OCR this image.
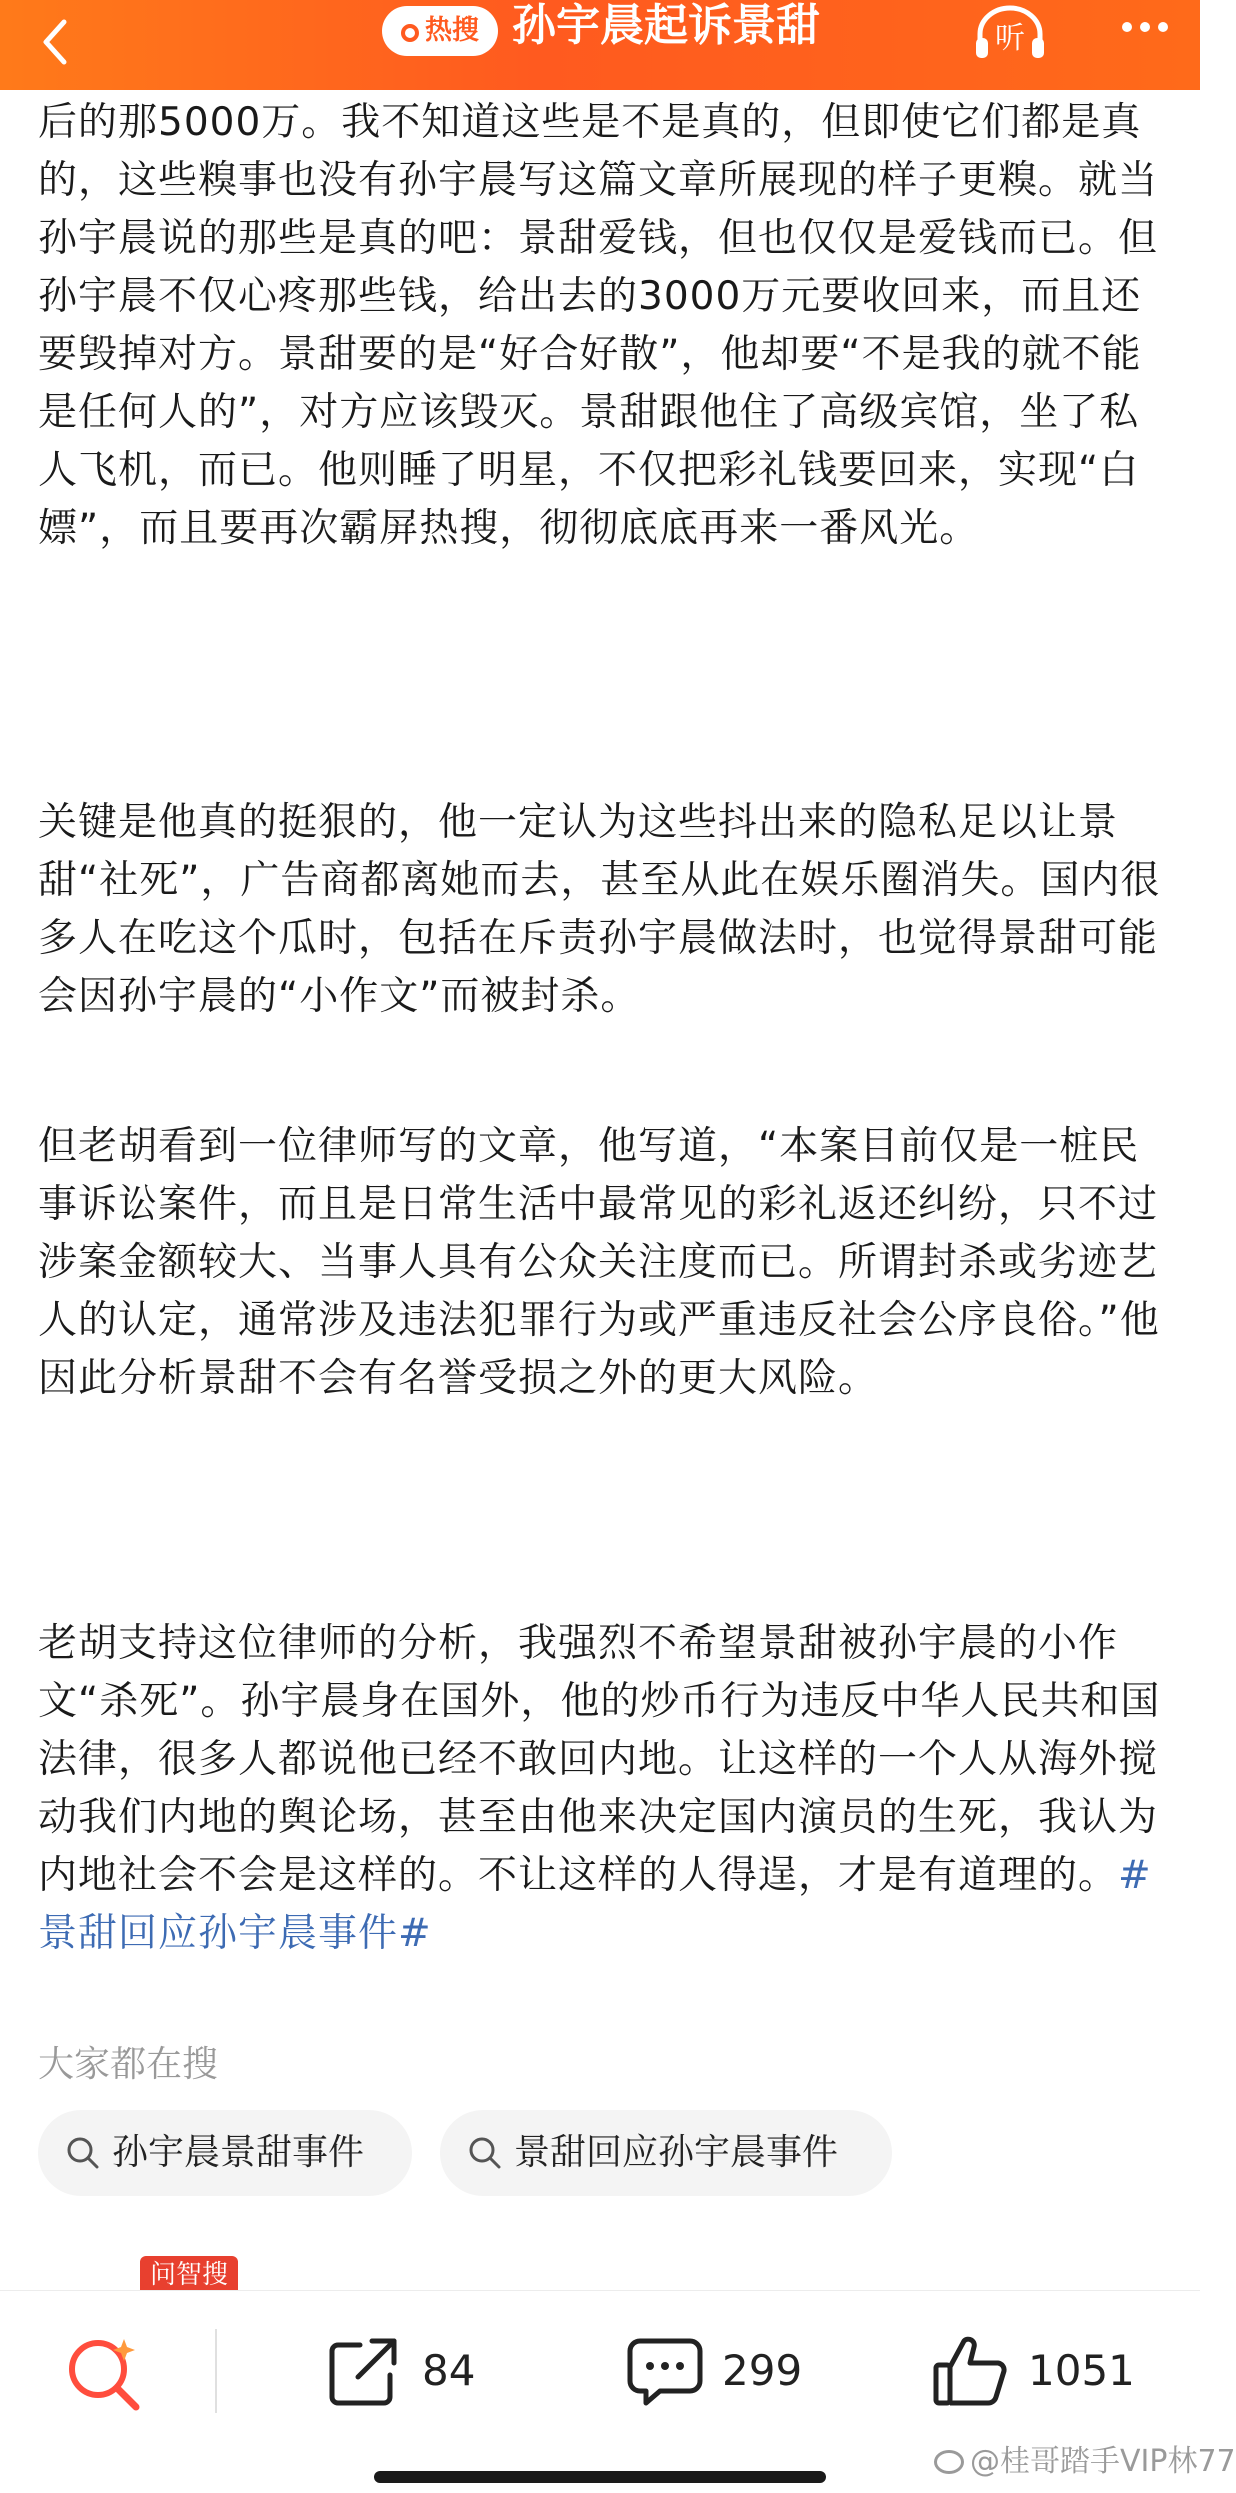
后的那5000万。我不知道这些是不是真的，但即使它们都是真的，这些糗事也没有孙宇晨写这篇文章所展现的样子更糗。就当孙宇晨说的那些是真的吧：景甜爱钱，但也仅仅是爱钱而已。但孙宇晨不仅心疼那些钱，给出去的3000万元要收回来，而且还要毁掉对方。景甜要的是“好合好散”，他却要“不是我的就不能是任何人的”，对方应该毁灭。景甜跟他住了高级宾馆，坐了私人飞机，而已。他则睡了明星，不仅把彩礼钱要回来，实现“白嫖”，而且要再次霸屏热搜，彻彻底底再来一番风光。

关键是他真的挺狠的，他一定认为这些抖出来的隐私足以让景甜“社死”，广告商都离她而去，甚至从此在娱乐圈消失。国内很多人在吃这个瓜时，包括在斥责孙宇晨做法时，也觉得景甜可能会因孙宇晨的“小作文”而被封杀。

但老胡看到一位律师写的文章，他写道，“本案目前仅是一桩民事诉讼案件，而且是日常生活中最常见的彩礼返还纠纷，只不过涉案金额较大、当事人具有公众关注度而已。所谓封杀或劣迹艺人的认定，通常涉及违法犯罪行为或严重违反社会公序良俗。”他因此分析景甜不会有名誉受损之外的更大风险。

老胡支持这位律师的分析，我强烈不希望景甜被孙宇晨的小作文“杀死”。孙宇晨身在国外，他的炒币行为违反中华人民共和国法律，很多人都说他已经不敢回内地。让这样的一个人从海外搅动我们内地的舆论场，甚至由他来决定国内演员的生死，我认为内地社会不会是这样的。不让这样的人得逞，才是有道理的。#景甜回应孙宇晨事件#

大家都在搜
孙宇晨景甜事件	景甜回应孙宇晨事件
问智搜
热搜 孙宇晨起诉景甜	听
84	299	1051
@桂哥踏手VIP林77
